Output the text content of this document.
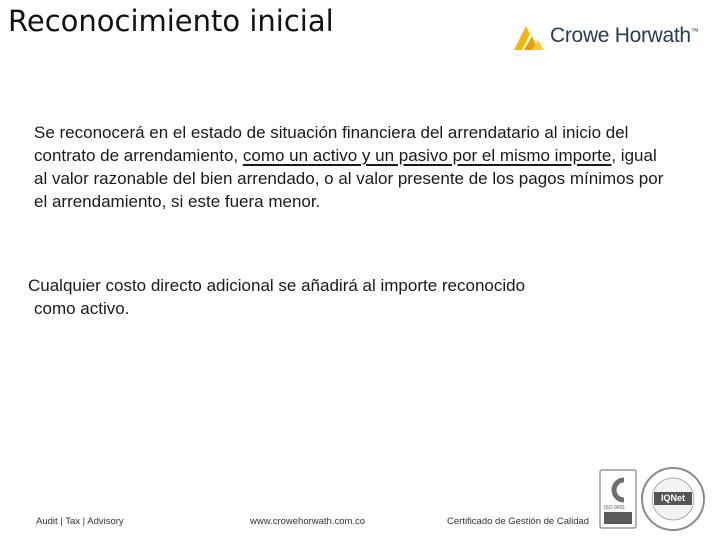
Reconocimiento inicial	Crowe Horwath™
Se reconocerá en el estado de situación financiera del arrendatario al inicio del contrato de arrendamiento, como un activo y un pasivo por el mismo importe, igual al valor razonable del bien arrendado, o al valor presente de los pagos mínimos por el arrendamiento, si este fuera menor.
Cualquier costo directo adicional se añadirá al importe reconocido
como activo.
Audit | Tax | Advisory	www.crowehorwath.com.co	Certificado de Gestión de Calidad
ISO 9001
IQNet
